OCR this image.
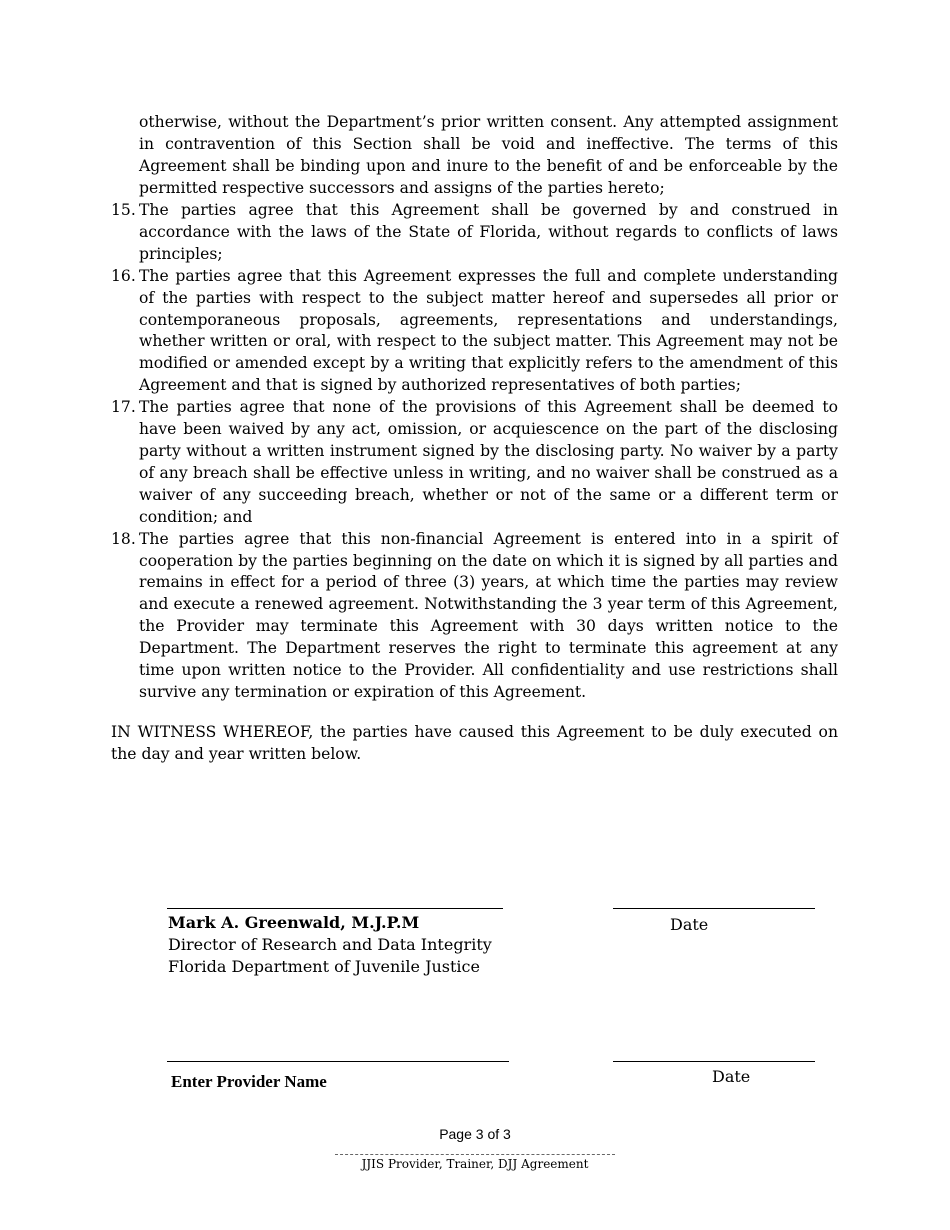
otherwise, without the Department’s prior written consent. Any attempted assignment in contravention of this Section shall be void and ineffective. The terms of this Agreement shall be binding upon and inure to the benefit of and be enforceable by the permitted respective successors and assigns of the parties hereto;

15. The parties agree that this Agreement shall be governed by and construed in accordance with the laws of the State of Florida, without regards to conflicts of laws principles;
16. The parties agree that this Agreement expresses the full and complete understanding of the parties with respect to the subject matter hereof and supersedes all prior or contemporaneous proposals, agreements, representations and understandings, whether written or oral, with respect to the subject matter. This Agreement may not be modified or amended except by a writing that explicitly refers to the amendment of this Agreement and that is signed by authorized representatives of both parties;
17. The parties agree that none of the provisions of this Agreement shall be deemed to have been waived by any act, omission, or acquiescence on the part of the disclosing party without a written instrument signed by the disclosing party. No waiver by a party of any breach shall be effective unless in writing, and no waiver shall be construed as a waiver of any succeeding breach, whether or not of the same or a different term or condition; and
18. The parties agree that this non-financial Agreement is entered into in a spirit of cooperation by the parties beginning on the date on which it is signed by all parties and remains in effect for a period of three (3) years, at which time the parties may review and execute a renewed agreement. Notwithstanding the 3 year term of this Agreement, the Provider may terminate this Agreement with 30 days written notice to the Department. The Department reserves the right to terminate this agreement at any time upon written notice to the Provider. All confidentiality and use restrictions shall survive any termination or expiration of this Agreement.

IN WITNESS WHEREOF, the parties have caused this Agreement to be duly executed on the day and year written below.

Mark A. Greenwald, M.J.P.M
Director of Research and Data Integrity
Florida Department of Juvenile Justice
Date
Enter Provider Name	Date
Page 3 of 3
JJIS Provider, Trainer, DJJ Agreement
